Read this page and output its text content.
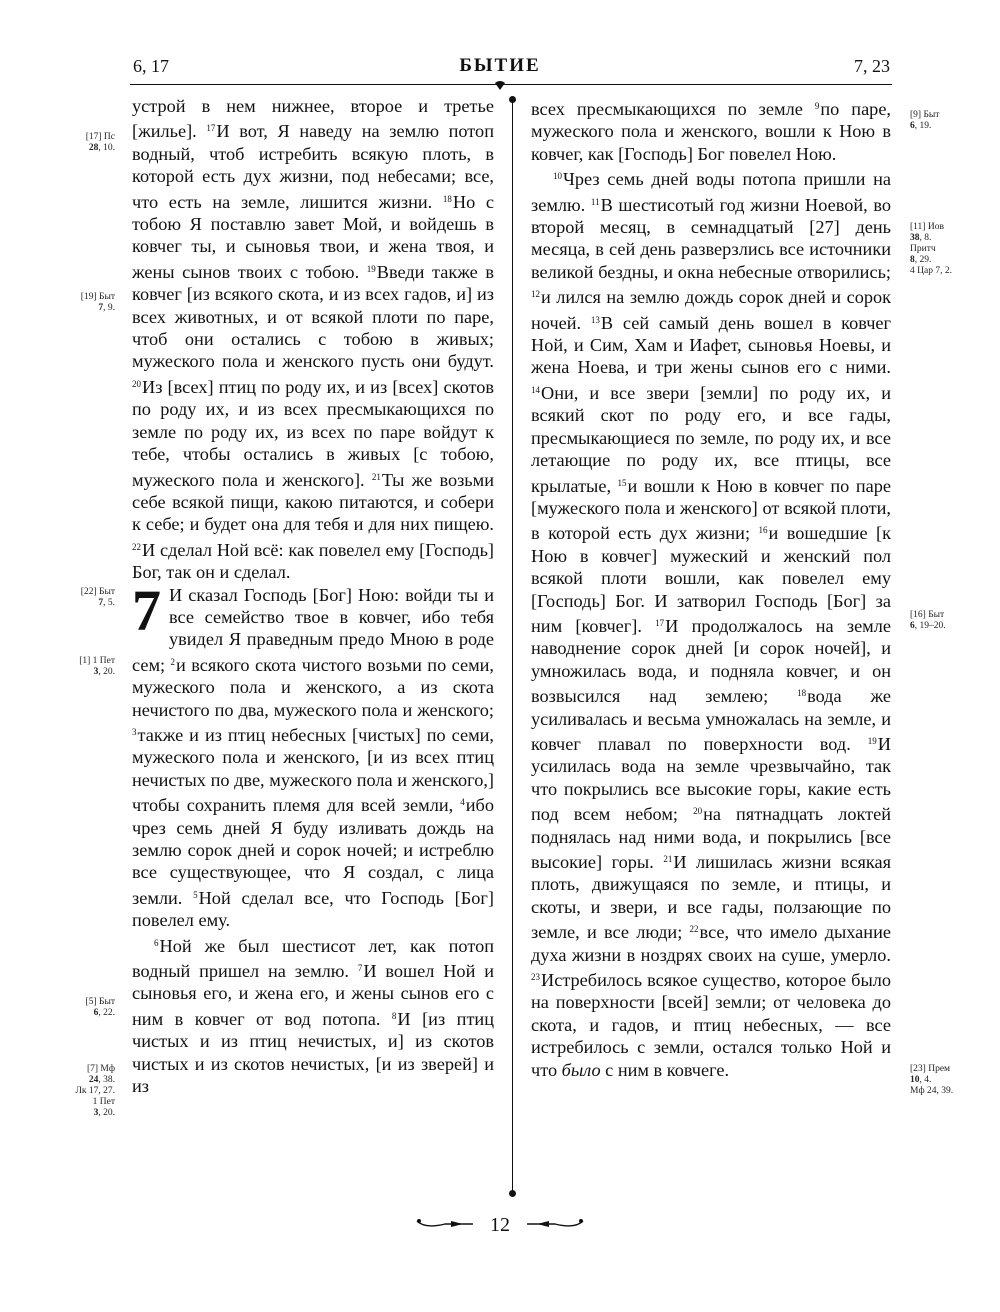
6, 17	БЫТИЕ	7, 23
[17] Пс
28, 10.
[19] Быт
7, 9.
[22] Быт
7, 5.
[1] 1 Пет
3, 20.
[5] Быт
6, 22.
[7] Мф
24, 38.
Лк 17, 27.
1 Пет
3, 20.
[9] Быт
6, 19.
[11] Иов
38, 8.
Притч
8, 29.
4 Цар 7, 2.
[16] Быт
6, 19–20.
[23] Прем
10, 4.
Мф 24, 39.

устрой в нем нижнее, второе и третье [жилье]. $^{17}$И вот, Я наведу на землю потоп водный, чтоб истребить всякую плоть, в которой есть дух жизни, под небесами; все, что есть на земле, лишится жизни. $^{18}$Но с тобою Я поставлю завет Мой, и войдешь в ковчег ты, и сыновья твои, и жена твоя, и жены сынов твоих с тобою. $^{19}$Введи также в ковчег [из всякого скота, и из всех гадов, и] из всех животных, и от всякой плоти по паре, чтоб они остались с тобою в живых; мужеского пола и женского пусть они будут. $^{20}$Из [всех] птиц по роду их, и из [всех] скотов по роду их, и из всех пресмыкающихся по земле по роду их, из всех по паре войдут к тебе, чтобы остались в живых [с тобою, мужеского пола и женского]. $^{21}$Ты же возьми себе всякой пищи, какою питаются, и собери к себе; и будет она для тебя и для них пищею. $^{22}$И сделал Ной всё: как повелел ему [Господь] Бог, так он и сделал.

7 И сказал Господь [Бог] Ною: войди ты и все семейство твое в ковчег, ибо тебя увидел Я праведным предо Мною в роде сем; $^2$и всякого скота чистого возьми по семи, мужеского пола и женского, а из скота нечистого по два, мужеского пола и женского; $^3$также и из птиц небесных [чистых] по семи, мужеского пола и женского, [и из всех птиц нечистых по две, мужеского пола и женского,] чтобы сохранить племя для всей земли, $^4$ибо чрез семь дней Я буду изливать дождь на землю сорок дней и сорок ночей; и истреблю все существующее, что Я создал, с лица земли. $^5$Ной сделал все, что Господь [Бог] повелел ему.

$^6$Ной же был шестисот лет, как потоп водный пришел на землю. $^7$И вошел Ной и сыновья его, и жена его, и жены сынов его с ним в ковчег от вод потопа. $^8$И [из птиц чистых и из птиц нечистых, и] из скотов чистых и из скотов нечистых, [и из зверей] и из

всех пресмыкающихся по земле $^9$по паре, мужеского пола и женского, вошли к Ною в ковчег, как [Господь] Бог повелел Ною.

$^{10}$Чрез семь дней воды потопа пришли на землю. $^{11}$В шестисотый год жизни Ноевой, во второй месяц, в семнадцатый [27] день месяца, в сей день разверзлись все источники великой бездны, и окна небесные отворились; $^{12}$и лился на землю дождь сорок дней и сорок ночей. $^{13}$В сей самый день вошел в ковчег Ной, и Сим, Хам и Иафет, сыновья Ноевы, и жена Ноева, и три жены сынов его с ними. $^{14}$Они, и все звери [земли] по роду их, и всякий скот по роду его, и все гады, пресмыкающиеся по земле, по роду их, и все летающие по роду их, все птицы, все крылатые, $^{15}$и вошли к Ною в ковчег по паре [мужеского пола и женского] от всякой плоти, в которой есть дух жизни; $^{16}$и вошедшие [к Ною в ковчег] мужеский и женский пол всякой плоти вошли, как повелел ему [Господь] Бог. И затворил Господь [Бог] за ним [ковчег]. $^{17}$И продолжалось на земле наводнение сорок дней [и сорок ночей], и умножилась вода, и подняла ковчег, и он возвысился над землею;	$^{18}$вода же усиливалась и весьма умножалась на земле, и ковчег плавал по поверхности вод. $^{19}$И усилилась вода на земле чрезвычайно, так что покрылись все высокие горы, какие есть под всем небом; $^{20}$на пятнадцать локтей поднялась над ними вода, и покрылись [все высокие] горы. $^{21}$И лишилась жизни всякая плоть, движущаяся по земле, и птицы, и скоты, и звери, и все гады, ползающие по земле, и все люди; $^{22}$все, что имело дыхание духа жизни в ноздрях своих на суше, умерло. $^{23}$Истребилось всякое существо, которое было на поверхности [всей] земли; от человека до скота, и гадов, и птиц небесных, — все истребилось с земли, остался только Ной и что было с ним в ковчеге.

12
